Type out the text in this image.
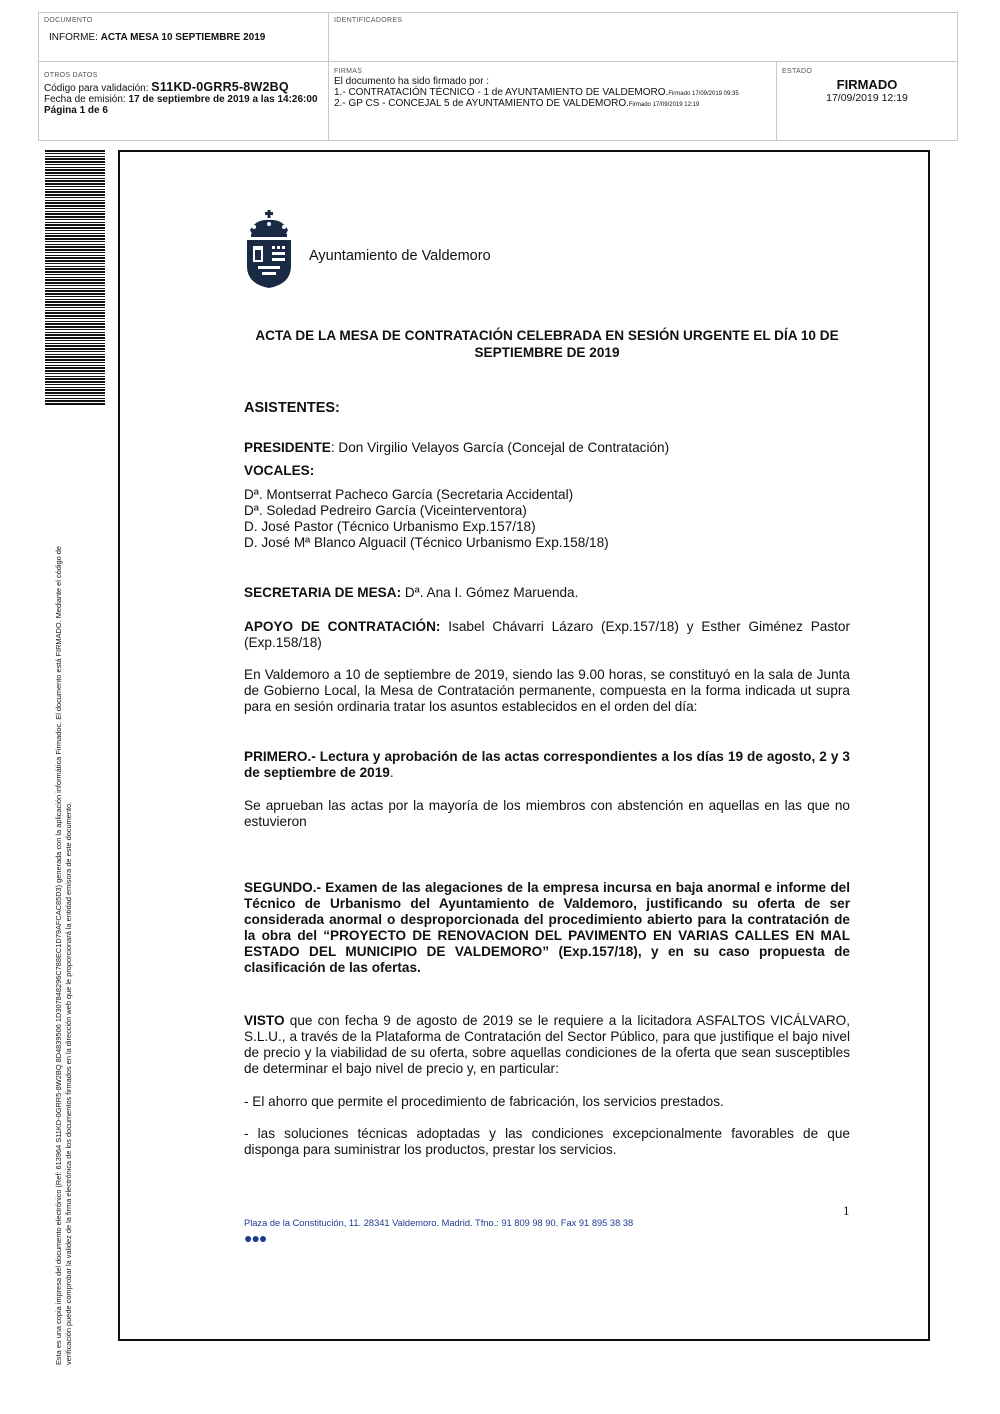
DOCUMENTO
INFORME: ACTA MESA 10 SEPTIEMBRE 2019
IDENTIFICADORES
OTROS DATOS
Código para validación: S11KD-0GRR5-8W2BQ
Fecha de emisión: 17 de septiembre de 2019 a las 14:26:00
Página 1 de 6
FIRMAS
El documento ha sido firmado por :
1.- CONTRATACIÓN TÉCNICO - 1 de AYUNTAMIENTO DE VALDEMORO.Firmado 17/09/2019 09:35
2.- GP CS - CONCEJAL 5 de AYUNTAMIENTO DE VALDEMORO.Firmado 17/09/2019 12:19
ESTADO
FIRMADO
17/09/2019 12:19
Esta es una copia impresa del documento electrónico (Ref: 613964 S11KD-0GRR5-8W2BQ 8D4839506 1D307848296C788EC1D79AFCAC85D3) generada con la aplicación informática Firmadoc. El documento está FIRMADO. Mediante el código de verificación puede comprobar la validez de la firma electrónica de los documentos firmados en la dirección web que le proporcionará la entidad emisora de este documento.
Ayuntamiento de Valdemoro
ACTA DE LA MESA DE CONTRATACIÓN CELEBRADA EN SESIÓN URGENTE EL DÍA 10 DE SEPTIEMBRE DE 2019
ASISTENTES:
PRESIDENTE: Don Virgilio Velayos García (Concejal de Contratación)
VOCALES:

Dª. Montserrat Pacheco García (Secretaria Accidental)

Dª. Soledad Pedreiro García (Viceinterventora)

D. José Pastor (Técnico Urbanismo Exp.157/18)

D. José Mª Blanco Alguacil (Técnico Urbanismo Exp.158/18)

SECRETARIA DE MESA: Dª. Ana I. Gómez Maruenda.
APOYO DE CONTRATACIÓN: Isabel Chávarri Lázaro (Exp.157/18) y Esther Giménez Pastor (Exp.158/18)
En Valdemoro a 10 de septiembre de 2019, siendo las 9.00 horas, se constituyó en la sala de Junta de Gobierno Local, la Mesa de Contratación permanente, compuesta en la forma indicada ut supra para en sesión ordinaria tratar los asuntos establecidos en el orden del día:
PRIMERO.- Lectura y aprobación de las actas correspondientes a los días 19 de agosto, 2 y 3 de septiembre de 2019.
Se aprueban las actas por la mayoría de los miembros con abstención en aquellas en las que no estuvieron
SEGUNDO.- Examen de las alegaciones de la empresa incursa en baja anormal e informe del Técnico de Urbanismo del Ayuntamiento de Valdemoro, justificando su oferta de ser considerada anormal o desproporcionada del procedimiento abierto para la contratación de la obra del “PROYECTO DE RENOVACION DEL PAVIMENTO EN VARIAS CALLES EN MAL ESTADO DEL MUNICIPIO DE VALDEMORO” (Exp.157/18), y en su caso propuesta de clasificación de las ofertas.
VISTO que con fecha 9 de agosto de 2019 se le requiere a la licitadora ASFALTOS VICÁLVARO, S.L.U., a través de la Plataforma de Contratación del Sector Público, para que justifique el bajo nivel de precio y la viabilidad de su oferta, sobre aquellas condiciones de la oferta que sean susceptibles de determinar el bajo nivel de precio y, en particular:
- El ahorro que permite el procedimiento de fabricación, los servicios prestados.
- las soluciones técnicas adoptadas y las condiciones excepcionalmente favorables de que disponga para suministrar los productos, prestar los servicios.
1
Plaza de la Constitución, 11. 28341 Valdemoro. Madrid. Tfno.: 91 809 98 90. Fax 91 895 38 38
●●●
